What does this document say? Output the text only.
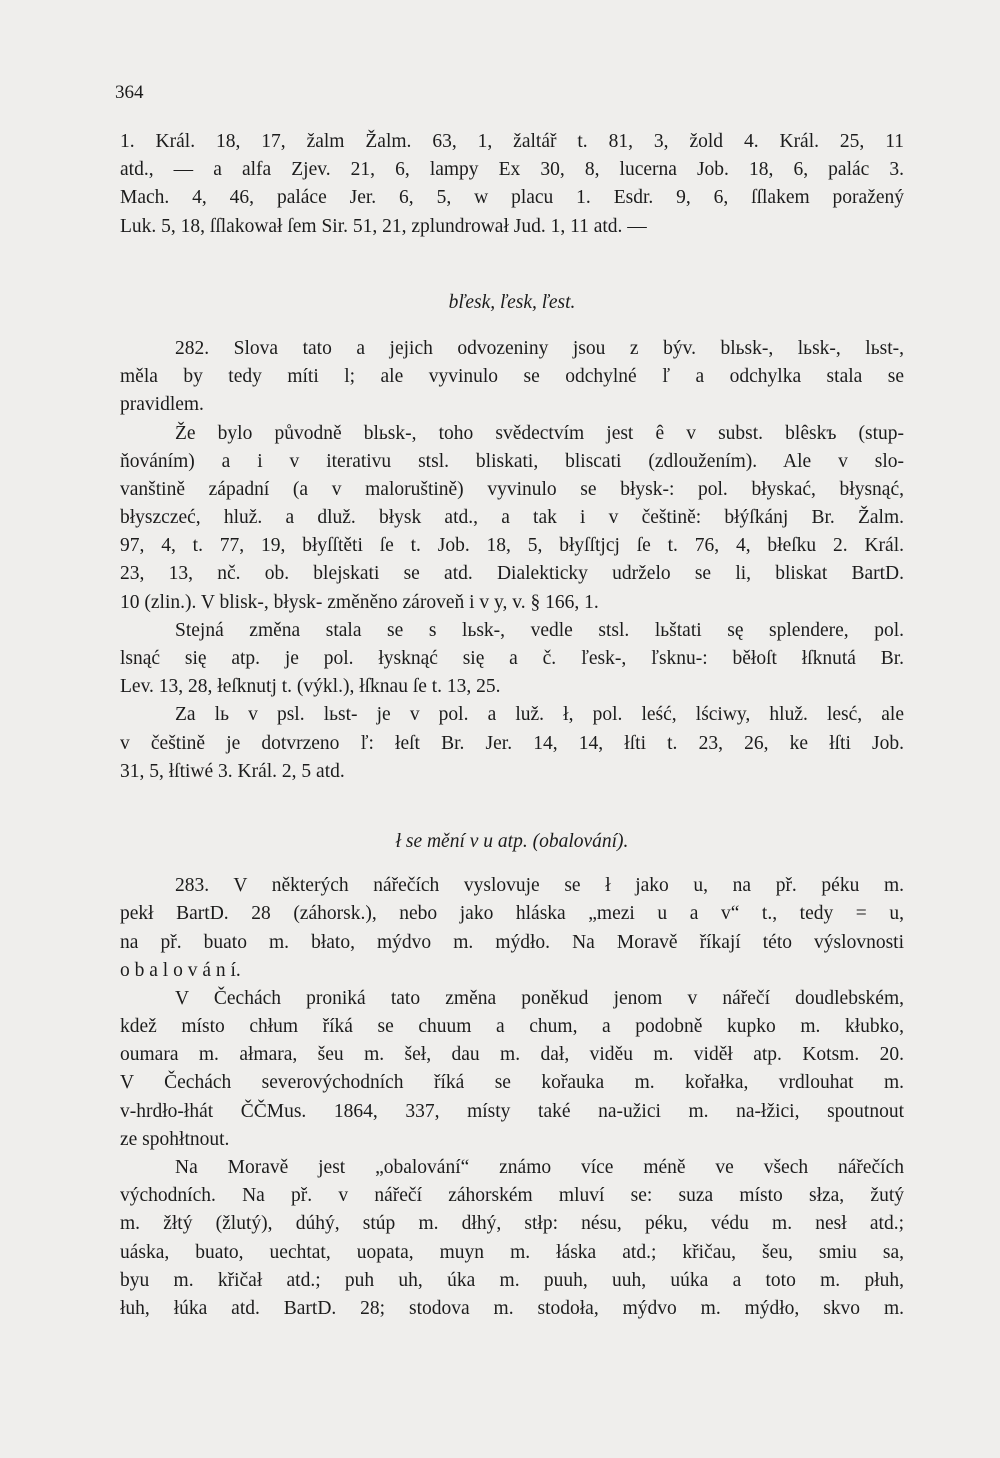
364
1. Král. 18, 17, žalm Žalm. 63, 1, žaltář t. 81, 3, žold 4. Král. 25, 11
atd., — a alfa Zjev. 21, 6, lampy Ex 30, 8, lucerna Job. 18, 6, palác 3.
Mach. 4, 46, paláce Jer. 6, 5, w placu 1. Esdr. 9, 6, ſſlakem poražený
Luk. 5, 18, ſſlakował ſem Sir. 51, 21, zplundrował Jud. 1, 11 atd. —
bľesk, ľesk, ľest.
282. Slova tato a jejich odvozeniny jsou z býv. blьsk-, lьsk-, lьst-,
měla by tedy míti l; ale vyvinulo se odchylné ľ a odchylka stala se
pravidlem.
Že bylo původně blьsk-, toho svědectvím jest ê v subst. blêskъ (stup-
ňováním) a i v iterativu stsl. bliskati, bliscati (zdloužením). Ale v slo-
vanštině západní (a v maloruštině) vyvinulo se błysk-: pol. błyskać, błysnąć,
błyszczeć, hluž. a dluž. błysk atd., a tak i v češtině: błýſkánj Br. Žalm.
97, 4, t. 77, 19, błyſſtěti ſe t. Job. 18, 5, błyſſtjcj ſe t. 76, 4, błeſku 2. Král.
23, 13, nč. ob. blejskati se atd. Dialekticky udrželo se li, bliskat BartD.
10 (zlin.). V blisk-, błysk- změněno zároveň i v y, v. § 166, 1.
Stejná změna stala se s lьsk-, vedle stsl. lьštati sę splendere, pol.
lsnąć się atp. je pol. łysknąć się a č. ľesk-, ľsknu-: běłoſt łſknutá Br.
Lev. 13, 28, łeſknutj t. (výkl.), łſknau ſe t. 13, 25.
Za lь v psl. lьst- je v pol. a luž. ł, pol. leść, lściwy, hluž. lesć, ale
v češtině je dotvrzeno ľ: łeſt Br. Jer. 14, 14, łſti t. 23, 26, ke łſti Job.
31, 5, łſtiwé 3. Král. 2, 5 atd.
ł se mění v u atp. (obalování).
283. V některých nářečích vyslovuje se ł jako u, na př. péku m.
pekł BartD. 28 (záhorsk.), nebo jako hláska „mezi u a v“ t., tedy = u,
na př. buato m. błato, mýdvo m. mýdło. Na Moravě říkají této výslovnosti
o b a l o v á n í.
V Čechách proniká tato změna poněkud jenom v nářečí doudlebském,
kdež místo chłum říká se chuum a chum, a podobně kupko m. kłubko,
oumara m. ałmara, šeu m. šeł, dau m. dał, viděu m. viděł atp. Kotsm. 20.
V Čechách severovýchodních říká se kořauka m. kořałka, vrdlouhat m.
v-hrdło-łhát ČČMus. 1864, 337, místy také na-užici m. na-łžici, spoutnout
ze spohłtnout.
Na Moravě jest „obalování“ známo více méně ve všech nářečích
východních. Na př. v nářečí záhorském mluví se: suza místo słza, žutý
m. žłtý (žlutý), dúhý, stúp m. dłhý, stłp: nésu, péku, védu m. nesł atd.;
uáska, buato, uechtat, uopata, muyn m. łáska atd.; křičau, šeu, smiu sa,
byu m. křičał atd.; puh uh, úka m. puuh, uuh, uúka a toto m. płuh,
łuh, łúka atd. BartD. 28; stodova m. stodoła, mýdvo m. mýdło, skvo m.
